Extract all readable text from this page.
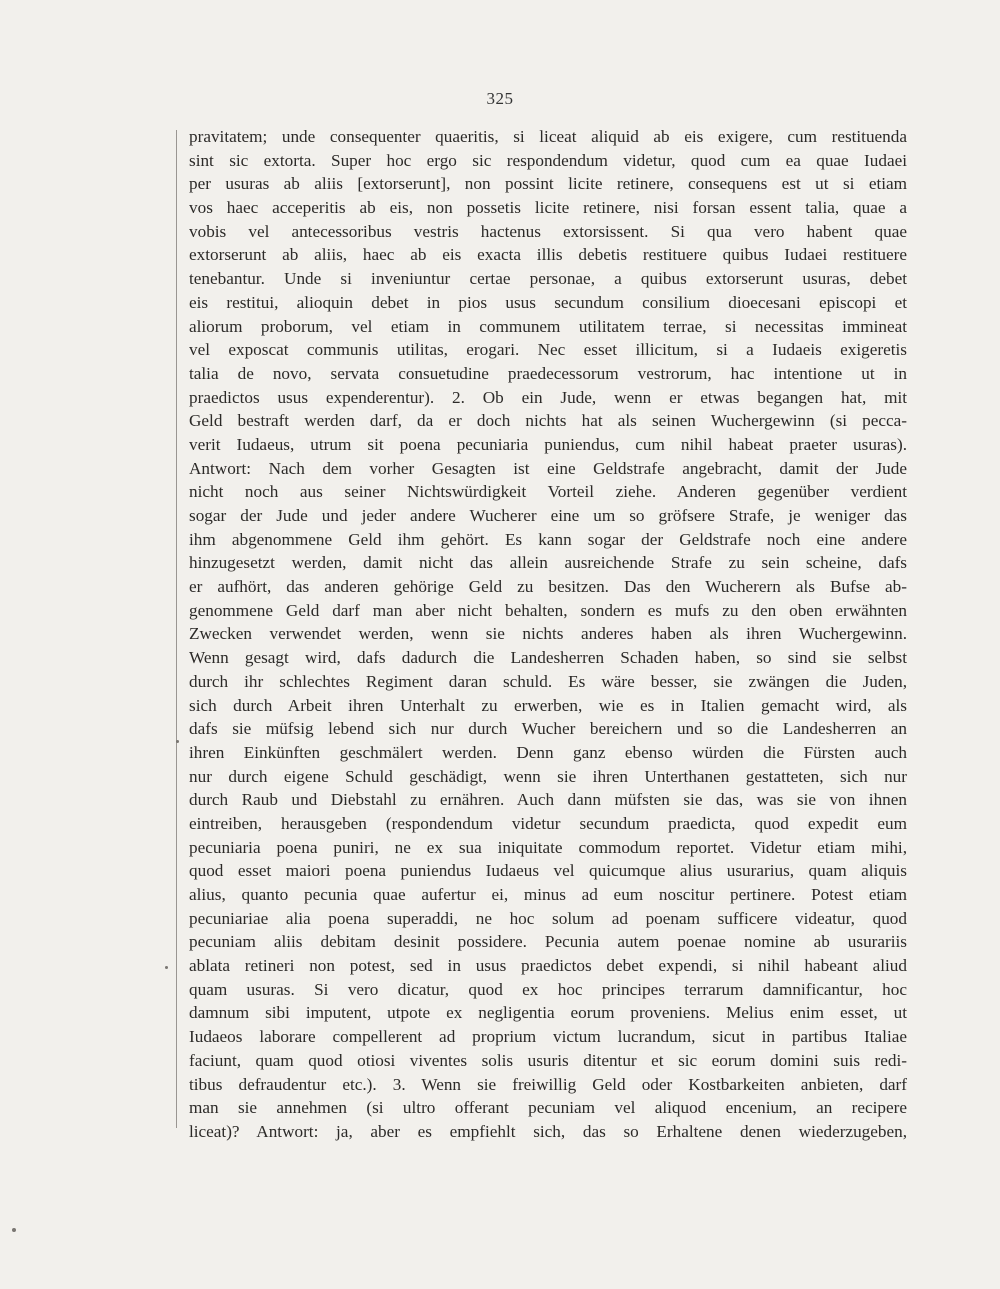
325
pravitatem; unde consequenter quaeritis, si liceat aliquid ab eis exigere, cum restituenda
sint sic extorta. Super hoc ergo sic respondendum videtur, quod cum ea quae Iudaei
per usuras ab aliis [extorserunt], non possint licite retinere, consequens est ut si etiam
vos haec acceperitis ab eis, non possetis licite retinere, nisi forsan essent talia, quae a
vobis vel antecessoribus vestris hactenus extorsissent. Si qua vero habent quae
extorserunt ab aliis, haec ab eis exacta illis debetis restituere quibus Iudaei restituere
tenebantur. Unde si inveniuntur certae personae, a quibus extorserunt usuras, debet
eis restitui, alioquin debet in pios usus secundum consilium dioecesani episcopi et
aliorum proborum, vel etiam in communem utilitatem terrae, si necessitas immineat
vel exposcat communis utilitas, erogari. Nec esset illicitum, si a Iudaeis exigeretis
talia de novo, servata consuetudine praedecessorum vestrorum, hac intentione ut in
praedictos usus expenderentur). 2. Ob ein Jude, wenn er etwas begangen hat, mit
Geld bestraft werden darf, da er doch nichts hat als seinen Wuchergewinn (si pecca-
verit Iudaeus, utrum sit poena pecuniaria puniendus, cum nihil habeat praeter usuras).
Antwort: Nach dem vorher Gesagten ist eine Geldstrafe angebracht, damit der Jude
nicht noch aus seiner Nichtswürdigkeit Vorteil ziehe. Anderen gegenüber verdient
sogar der Jude und jeder andere Wucherer eine um so gröfsere Strafe, je weniger das
ihm abgenommene Geld ihm gehört. Es kann sogar der Geldstrafe noch eine andere
hinzugesetzt werden, damit nicht das allein ausreichende Strafe zu sein scheine, dafs
er aufhört, das anderen gehörige Geld zu besitzen. Das den Wucherern als Bufse ab-
genommene Geld darf man aber nicht behalten, sondern es mufs zu den oben erwähnten
Zwecken verwendet werden, wenn sie nichts anderes haben als ihren Wuchergewinn.
Wenn gesagt wird, dafs dadurch die Landesherren Schaden haben, so sind sie selbst
durch ihr schlechtes Regiment daran schuld. Es wäre besser, sie zwängen die Juden,
sich durch Arbeit ihren Unterhalt zu erwerben, wie es in Italien gemacht wird, als
dafs sie müfsig lebend sich nur durch Wucher bereichern und so die Landesherren an
ihren Einkünften geschmälert werden. Denn ganz ebenso würden die Fürsten auch
nur durch eigene Schuld geschädigt, wenn sie ihren Unterthanen gestatteten, sich nur
durch Raub und Diebstahl zu ernähren. Auch dann müfsten sie das, was sie von ihnen
eintreiben, herausgeben (respondendum videtur secundum praedicta, quod expedit eum
pecuniaria poena puniri, ne ex sua iniquitate commodum reportet. Videtur etiam mihi,
quod esset maiori poena puniendus Iudaeus vel quicumque alius usurarius, quam aliquis
alius, quanto pecunia quae aufertur ei, minus ad eum noscitur pertinere. Potest etiam
pecuniariae alia poena superaddi, ne hoc solum ad poenam sufficere videatur, quod
pecuniam aliis debitam desinit possidere. Pecunia autem poenae nomine ab usurariis
ablata retineri non potest, sed in usus praedictos debet expendi, si nihil habeant aliud
quam usuras. Si vero dicatur, quod ex hoc principes terrarum damnificantur, hoc
damnum sibi imputent, utpote ex negligentia eorum proveniens. Melius enim esset, ut
Iudaeos laborare compellerent ad proprium victum lucrandum, sicut in partibus Italiae
faciunt, quam quod otiosi viventes solis usuris ditentur et sic eorum domini suis redi-
tibus defraudentur etc.). 3. Wenn sie freiwillig Geld oder Kostbarkeiten anbieten, darf
man sie annehmen (si ultro offerant pecuniam vel aliquod encenium, an recipere
liceat)? Antwort: ja, aber es empfiehlt sich, das so Erhaltene denen wiederzugeben,
